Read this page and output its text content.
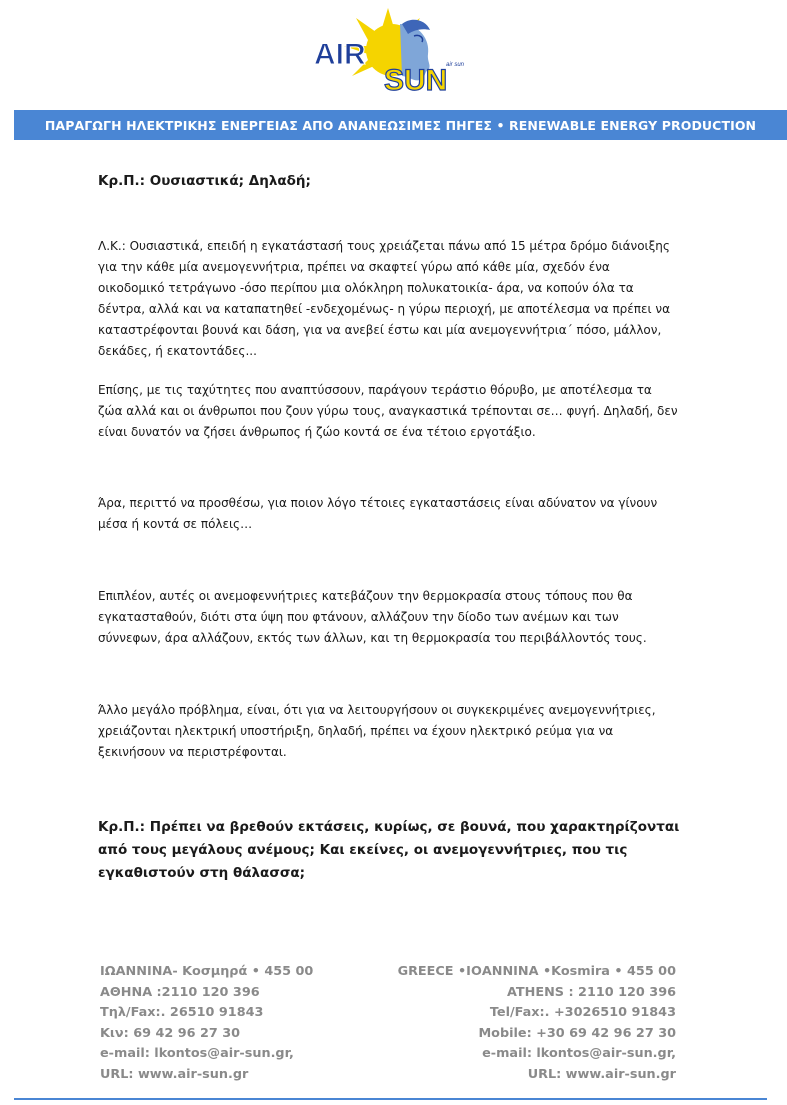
AIR
SUN
air sun
ΠΑΡΑΓΩΓΗ ΗΛΕΚΤΡΙΚΗΣ ΕΝΕΡΓΕΙΑΣ ΑΠΟ ΑΝΑΝΕΩΣΙΜΕΣ ΠΗΓΕΣ • RENEWABLE ENERGY PRODUCTION
Κρ.Π.: Ουσιαστικά; Δηλαδή;
Λ.Κ.: Ουσιαστικά, επειδή η εγκατάστασή τους χρειάζεται πάνω από 15 μέτρα δρόμο διάνοιξης για την κάθε μία ανεμογεννήτρια, πρέπει να σκαφτεί γύρω από κάθε μία, σχεδόν ένα οικοδομικό τετράγωνο -όσο περίπου μια ολόκληρη πολυκατοικία- άρα, να κοπούν όλα τα δέντρα, αλλά και να καταπατηθεί -ενδεχομένως- η γύρω περιοχή, με αποτέλεσμα να πρέπει να καταστρέφονται βουνά και δάση, για να ανεβεί έστω και μία ανεμογεννήτρια΄ πόσο, μάλλον, δεκάδες, ή εκατοντάδες...
Επίσης, με τις ταχύτητες που αναπτύσσουν, παράγουν τεράστιο θόρυβο, με αποτέλεσμα τα ζώα αλλά και οι άνθρωποι που ζουν γύρω τους, αναγκαστικά τρέπονται σε… φυγή. Δηλαδή, δεν είναι δυνατόν να ζήσει άνθρωπος ή ζώο κοντά σε ένα τέτοιο εργοτάξιο.
Άρα, περιττό να προσθέσω, για ποιον λόγο τέτοιες εγκαταστάσεις είναι αδύνατον να γίνουν μέσα ή κοντά σε πόλεις…
Επιπλέον, αυτές οι ανεμοφεννήτριες κατεβάζουν την θερμοκρασία στους τόπους που θα εγκατασταθούν, διότι στα ύψη που φτάνουν, αλλάζουν την δίοδο των ανέμων και των σύννεφων, άρα αλλάζουν, εκτός των άλλων, και τη θερμοκρασία του περιβάλλοντός τους.
Άλλο μεγάλο πρόβλημα, είναι, ότι για να λειτουργήσουν οι συγκεκριμένες ανεμογεννήτριες, χρειάζονται ηλεκτρική υποστήριξη, δηλαδή, πρέπει να έχουν ηλεκτρικό ρεύμα για να ξεκινήσουν να περιστρέφονται.
Κρ.Π.: Πρέπει να βρεθούν εκτάσεις, κυρίως, σε βουνά, που χαρακτηρίζονται από τους μεγάλους ανέμους; Και εκείνες, οι ανεμογεννήτριες, που τις εγκαθιστούν στη θάλασσα;
ΙΩΑΝΝΙΝΑ- Κοσμηρά • 455 00
ΑΘΗΝΑ :2110 120 396
Τηλ/Fax:. 26510 91843
Κιν: 69 42 96 27 30
e-mail: lkontos@air-sun.gr,
URL: www.air-sun.gr
GREECE •ΙΟΑΝΝΙΝΑ •Kosmira • 455 00
ATHENS : 2110 120 396
Tel/Fax:. +3026510 91843
Mobile: +30 69 42 96 27 30
e-mail: lkontos@air-sun.gr,
URL: www.air-sun.gr
